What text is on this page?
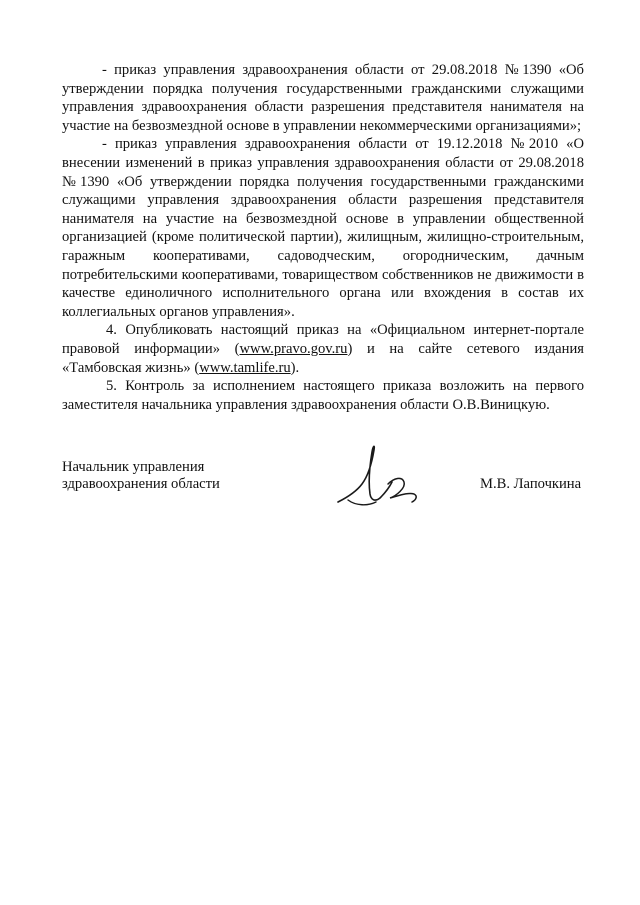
- приказ управления здравоохранения области от 29.08.2018 №1390 «Об утверждении порядка получения государственными гражданскими служащими управления здравоохранения области разрешения представителя нанимателя на участие на безвозмездной основе в управлении некоммерческими организациями»;

- приказ управления здравоохранения области от 19.12.2018 №2010 «О внесении изменений в приказ управления здравоохранения области от 29.08.2018 №1390 «Об утверждении порядка получения государственными гражданскими служащими управления здравоохранения области разрешения представителя нанимателя на участие на безвозмездной основе в управлении общественной организацией (кроме политической партии), жилищным, жилищно-строительным, гаражным кооперативами, садоводческим, огородническим, дачным потребительскими кооперативами, товариществом собственников не движимости в качестве единоличного исполнительного органа или вхождения в состав их коллегиальных органов управления».

4. Опубликовать настоящий приказ на «Официальном интернет-портале правовой информации» (www.pravo.gov.ru) и на сайте сетевого издания «Тамбовская жизнь» (www.tamlife.ru).

5. Контроль за исполнением настоящего приказа возложить на первого заместителя начальника управления здравоохранения области О.В.Виницкую.

Начальник управления
здравоохранения области	М.В. Лапочкина
